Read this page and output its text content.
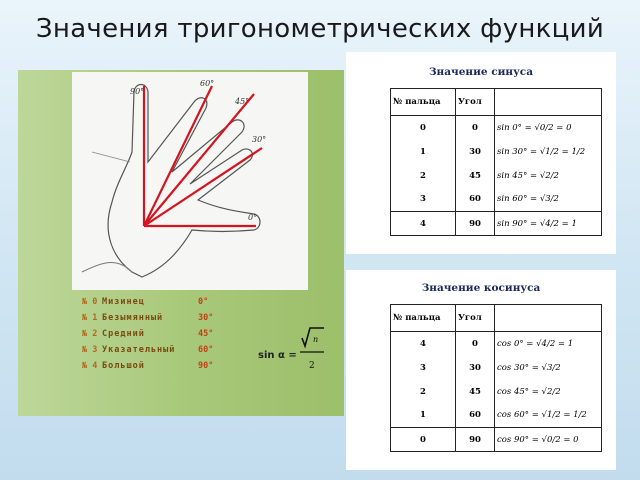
Значения тригонометрических функций
90°
60°
45°
30°
0°
№ 0 Мизинец	0°
№ 1 Безымянный	30°
№ 2 Средний	45°
№ 3 Указательный	60°
№ 4 Большой	90°
sin α =
n
2
Значение синуса
№ пальца	Угол	
0	0	sin 0° = √0/2 = 0
1	30	sin 30° = √1/2 = 1/2
2	45	sin 45° = √2/2
3	60	sin 60° = √3/2
4	90	sin 90° = √4/2 = 1
Значение косинуса
№ пальца	Угол	
4	0	cos 0° = √4/2 = 1
3	30	cos 30° = √3/2
2	45	cos 45° = √2/2
1	60	cos 60° = √1/2 = 1/2
0	90	cos 90° = √0/2 = 0
